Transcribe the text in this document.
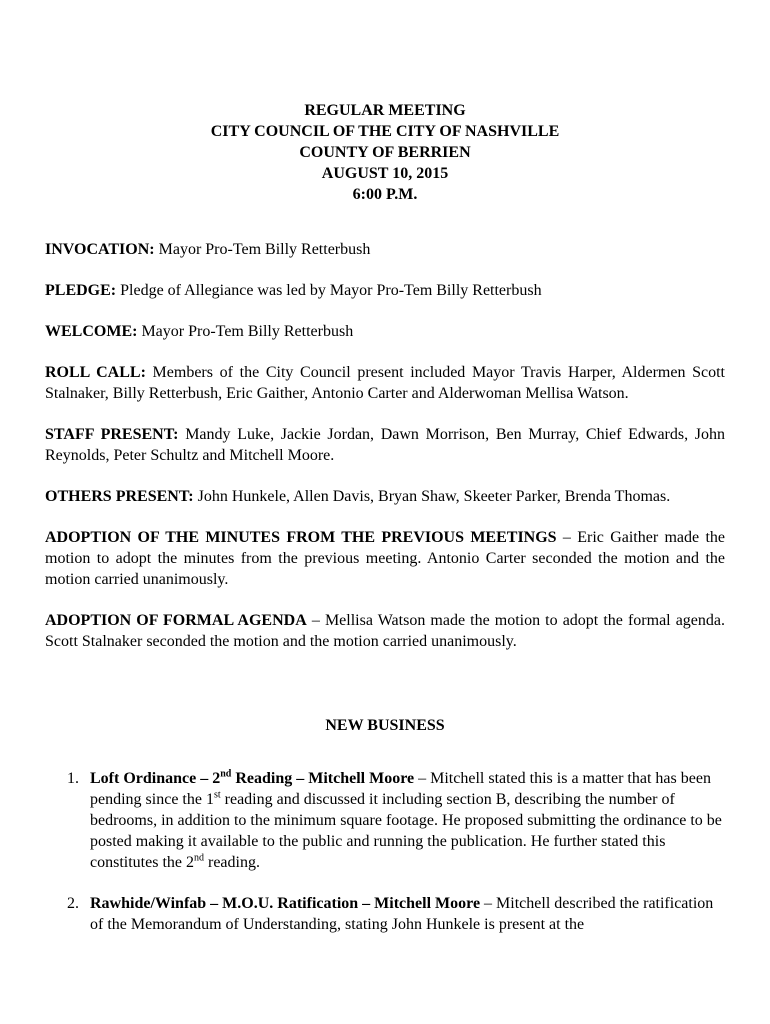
REGULAR MEETING
CITY COUNCIL OF THE CITY OF NASHVILLE
COUNTY OF BERRIEN
AUGUST 10, 2015
6:00 P.M.

INVOCATION: Mayor Pro-Tem Billy Retterbush

PLEDGE: Pledge of Allegiance was led by Mayor Pro-Tem Billy Retterbush

WELCOME: Mayor Pro-Tem Billy Retterbush

ROLL CALL: Members of the City Council present included Mayor Travis Harper, Aldermen Scott Stalnaker, Billy Retterbush, Eric Gaither, Antonio Carter and Alderwoman Mellisa Watson.

STAFF PRESENT: Mandy Luke, Jackie Jordan, Dawn Morrison, Ben Murray, Chief Edwards, John Reynolds, Peter Schultz and Mitchell Moore.

OTHERS PRESENT: John Hunkele, Allen Davis, Bryan Shaw, Skeeter Parker, Brenda Thomas.

ADOPTION OF THE MINUTES FROM THE PREVIOUS MEETINGS – Eric Gaither made the motion to adopt the minutes from the previous meeting. Antonio Carter seconded the motion and the motion carried unanimously.

ADOPTION OF FORMAL AGENDA – Mellisa Watson made the motion to adopt the formal agenda. Scott Stalnaker seconded the motion and the motion carried unanimously.

NEW BUSINESS
1. Loft Ordinance – 2nd Reading – Mitchell Moore – Mitchell stated this is a matter that has been pending since the 1st reading and discussed it including section B, describing the number of bedrooms, in addition to the minimum square footage. He proposed submitting the ordinance to be posted making it available to the public and running the publication. He further stated this constitutes the 2nd reading.
2. Rawhide/Winfab – M.O.U. Ratification – Mitchell Moore – Mitchell described the ratification of the Memorandum of Understanding, stating John Hunkele is present at the
